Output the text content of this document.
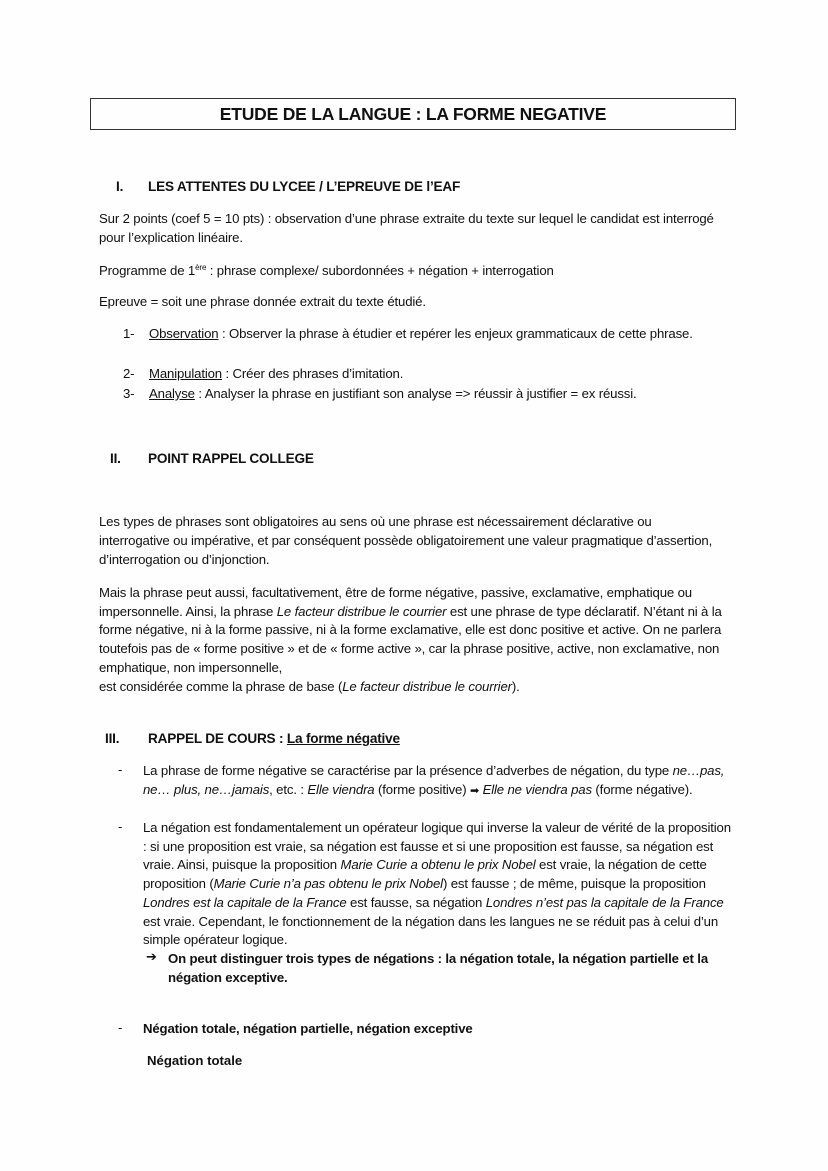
ETUDE DE LA LANGUE : LA FORME NEGATIVE
I. LES ATTENTES DU LYCEE / L’EPREUVE DE l’EAF
Sur 2 points (coef 5 = 10 pts) : observation d’une phrase extraite du texte sur lequel le candidat est interrogé pour l’explication linéaire.
Programme de 1ère : phrase complexe/ subordonnées + négation + interrogation
Epreuve = soit une phrase donnée extrait du texte étudié.
1- Observation : Observer la phrase à étudier et repérer les enjeux grammaticaux de cette phrase.
2- Manipulation : Créer des phrases d’imitation.
3- Analyse : Analyser la phrase en justifiant son analyse => réussir à justifier = ex réussi.
II. POINT RAPPEL COLLEGE
Les types de phrases sont obligatoires au sens où une phrase est nécessairement déclarative ou interrogative ou impérative, et par conséquent possède obligatoirement une valeur pragmatique d’assertion, d’interrogation ou d’injonction.
Mais la phrase peut aussi, facultativement, être de forme négative, passive, exclamative, emphatique ou impersonnelle. Ainsi, la phrase Le facteur distribue le courrier est une phrase de type déclaratif. N’étant ni à la forme négative, ni à la forme passive, ni à la forme exclamative, elle est donc positive et active. On ne parlera toutefois pas de « forme positive » et de « forme active », car la phrase positive, active, non exclamative, non emphatique, non impersonnelle,
est considérée comme la phrase de base (Le facteur distribue le courrier).
III. RAPPEL DE COURS : La forme négative
- La phrase de forme négative se caractérise par la présence d’adverbes de négation, du type ne…pas, ne… plus, ne…jamais, etc. : Elle viendra (forme positive) ➡ Elle ne viendra pas (forme négative).
- La négation est fondamentalement un opérateur logique qui inverse la valeur de vérité de la proposition : si une proposition est vraie, sa négation est fausse et si une proposition est fausse, sa négation est vraie. Ainsi, puisque la proposition Marie Curie a obtenu le prix Nobel est vraie, la négation de cette proposition (Marie Curie n’a pas obtenu le prix Nobel) est fausse ; de même, puisque la proposition Londres est la capitale de la France est fausse, sa négation Londres n’est pas la capitale de la France est vraie. Cependant, le fonctionnement de la négation dans les langues ne se réduit pas à celui d’un simple opérateur logique.
➔ On peut distinguer trois types de négations : la négation totale, la négation partielle et la négation exceptive.
- Négation totale, négation partielle, négation exceptive
Négation totale
